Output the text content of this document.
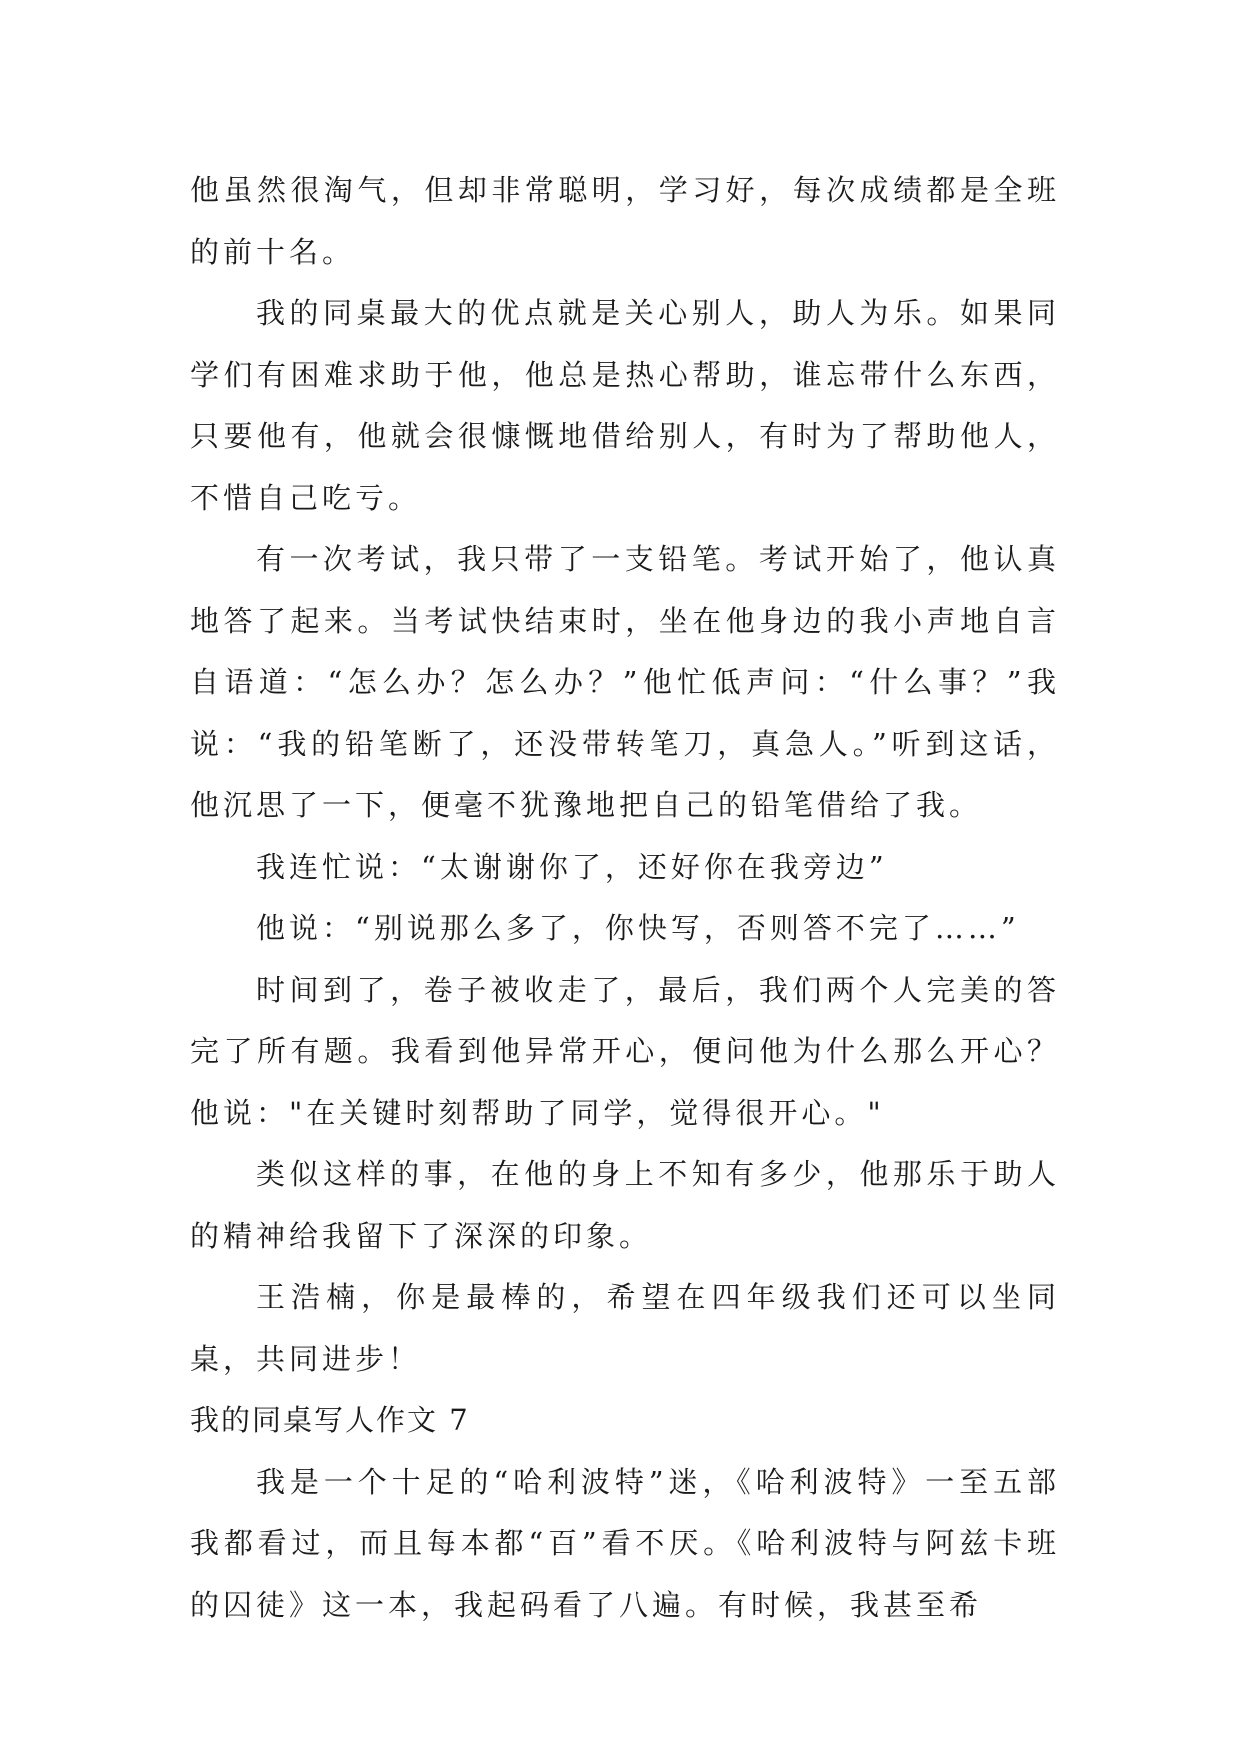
他虽然很淘气，但却非常聪明，学习好，每次成绩都是全班的前十名。

我的同桌最大的优点就是关心别人，助人为乐。如果同学们有困难求助于他，他总是热心帮助，谁忘带什么东西，只要他有，他就会很慷慨地借给别人，有时为了帮助他人，不惜自己吃亏。

有一次考试，我只带了一支铅笔。考试开始了，他认真地答了起来。当考试快结束时，坐在他身边的我小声地自言自语道：“怎么办？怎么办？”他忙低声问：“什么事？”我说：“我的铅笔断了，还没带转笔刀，真急人。”听到这话，他沉思了一下，便毫不犹豫地把自己的铅笔借给了我。

我连忙说：“太谢谢你了，还好你在我旁边”

他说：“别说那么多了，你快写，否则答不完了……”

时间到了，卷子被收走了，最后，我们两个人完美的答完了所有题。我看到他异常开心，便问他为什么那么开心？他说："在关键时刻帮助了同学，觉得很开心。"

类似这样的事，在他的身上不知有多少，他那乐于助人的精神给我留下了深深的印象。

王浩楠，你是最棒的，希望在四年级我们还可以坐同桌，共同进步！

我的同桌写人作文 7

我是一个十足的“哈利波特”迷，《哈利波特》一至五部我都看过，而且每本都“百”看不厌。《哈利波特与阿兹卡班的囚徒》这一本，我起码看了八遍。有时候，我甚至希
